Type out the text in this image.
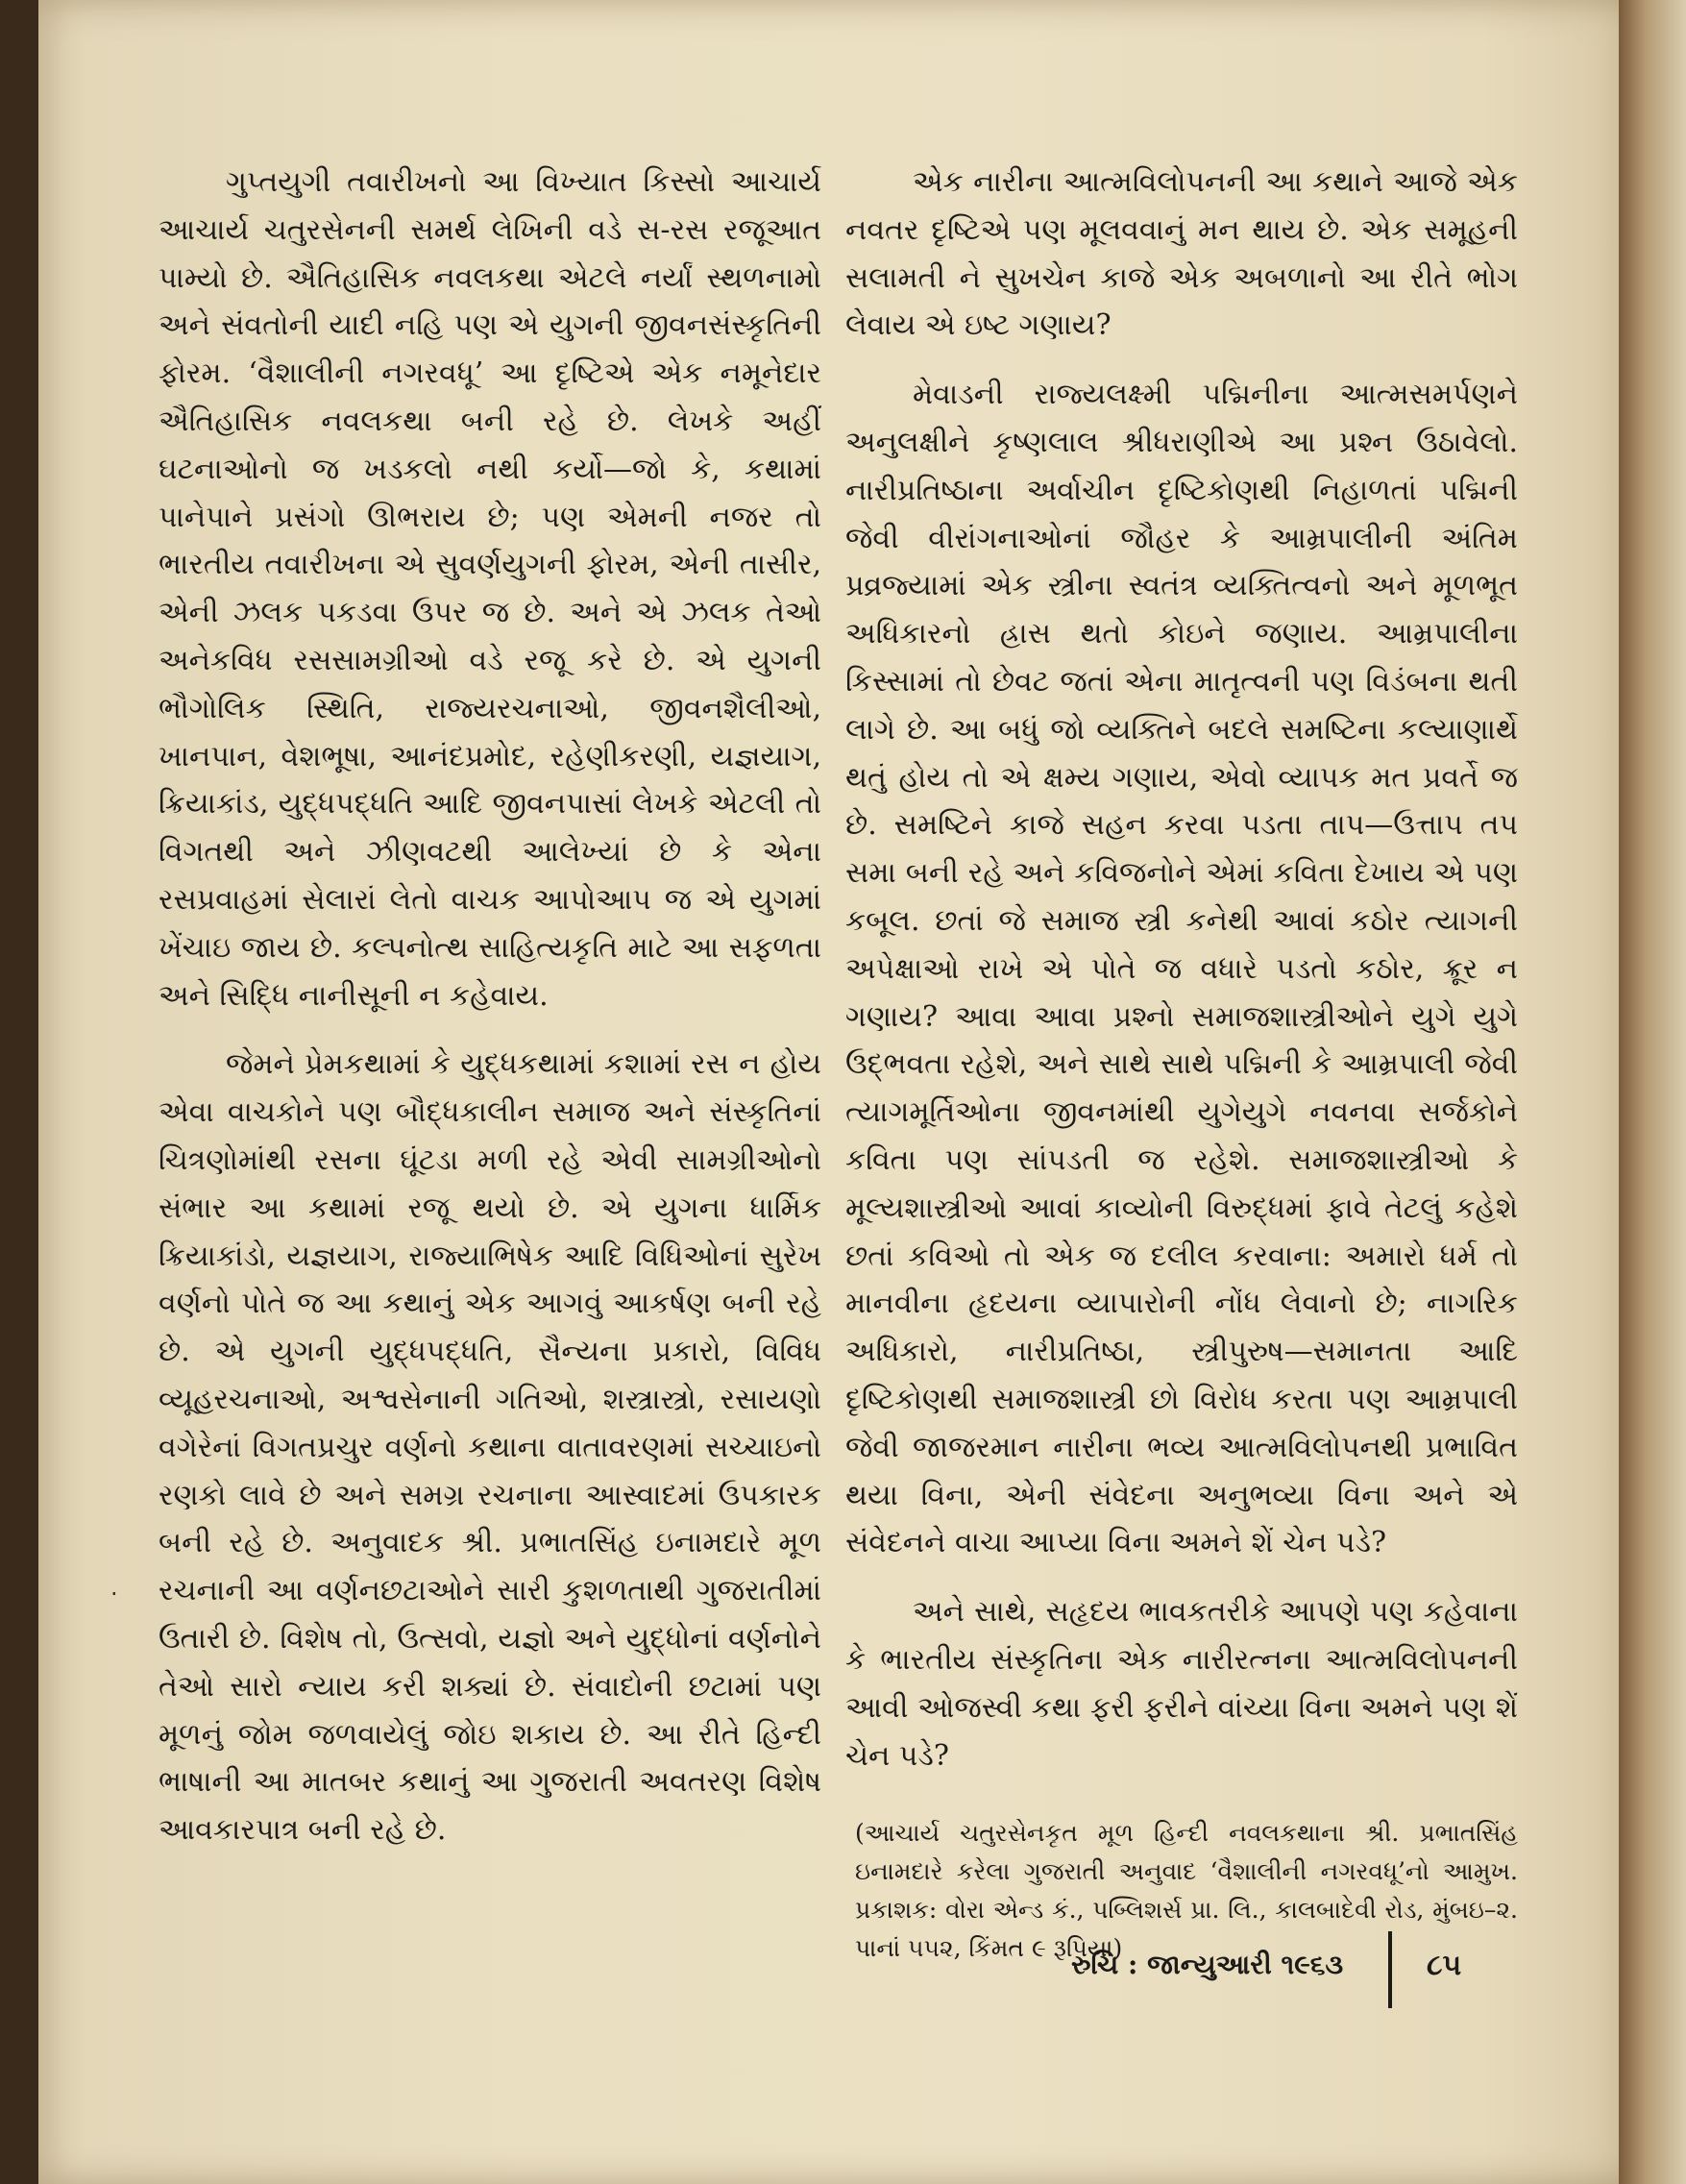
ગુપ્તયુગી તવારીખનો આ વિખ્યાત કિસ્સો આચાર્ય આચાર્ય ચતુરસેનની સમર્થ લેખિની વડે સ-રસ રજૂઆત પામ્યો છે. ઐતિહાસિક નવલકથા એટલે નર્યાં સ્થળનામો અને સંવતોની યાદી નહિ પણ એ યુગની જીવનસંસ્કૃતિની ફોરમ. ‘વૈશાલીની નગરવધૂ’ આ દૃષ્ટિએ એક નમૂનેદાર ઐતિહાસિક નવલકથા બની રહે છે. લેખકે અહીં ઘટનાઓનો જ ખડકલો નથી કર્યો—જો કે, કથામાં પાનેપાને પ્રસંગો ઊભરાય છે; પણ એમની નજર તો ભારતીય તવારીખના એ સુવર્ણયુગની ફોરમ, એની તાસીર, એની ઝલક પકડવા ઉપર જ છે. અને એ ઝલક તેઓ અનેકવિધ રસસામગ્રીઓ વડે રજૂ કરે છે. એ યુગની ભૌગોલિક સ્થિતિ, રાજ્યરચનાઓ, જીવનશૈલીઓ, ખાનપાન, વેશભૂષા, આનંદપ્રમોદ, રહેણીકરણી, યજ્ઞયાગ, ક્રિયાકાંડ, યુદ્ધપદ્ધતિ આદિ જીવનપાસાં લેખકે એટલી તો વિગતથી અને ઝીણવટથી આલેખ્યાં છે કે એના રસપ્રવાહમાં સેલારાં લેતો વાચક આપોઆપ જ એ યુગમાં ખેંચાઇ જાય છે. કલ્પનોત્થ સાહિત્યકૃતિ માટે આ સફળતા અને સિદ્ધિ નાનીસૂની ન કહેવાય.

જેમને પ્રેમકથામાં કે યુદ્ધકથામાં કશામાં રસ ન હોય એવા વાચકોને પણ બૌદ્ધકાલીન સમાજ અને સંસ્કૃતિનાં ચિત્રણોમાંથી રસના ઘૂંટડા મળી રહે એવી સામગ્રીઓનો સંભાર આ કથામાં રજૂ થયો છે. એ યુગના ધાર્મિક ક્રિયાકાંડો, યજ્ઞયાગ, રાજ્યાભિષેક આદિ વિધિઓનાં સુરેખ વર્ણનો પોતે જ આ કથાનું એક આગવું આકર્ષણ બની રહે છે. એ યુગની યુદ્ધપદ્ધતિ, સૈન્યના પ્રકારો, વિવિધ વ્યૂહરચનાઓ, અશ્વસેનાની ગતિઓ, શસ્ત્રાસ્ત્રો, રસાયણો વગેરેનાં વિગતપ્રચુર વર્ણનો કથાના વાતાવરણમાં સચ્ચાઇનો રણકો લાવે છે અને સમગ્ર રચનાના આસ્વાદમાં ઉપકારક બની રહે છે. અનુવાદક શ્રી. પ્રભાતસિંહ ઇનામદારે મૂળ રચનાની આ વર્ણનછટાઓને સારી કુશળતાથી ગુજરાતીમાં ઉતારી છે. વિશેષ તો, ઉત્સવો, યજ્ઞો અને યુદ્ધોનાં વર્ણનોને તેઓ સારો ન્યાય કરી શક્યાં છે. સંવાદોની છટામાં પણ મૂળનું જોમ જળવાયેલું જોઇ શકાય છે. આ રીતે હિન્દી ભાષાની આ માતબર કથાનું આ ગુજરાતી અવતરણ વિશેષ આવકારપાત્ર બની રહે છે.

એક નારીના આત્મવિલોપનની આ કથાને આજે એક નવતર દૃષ્ટિએ પણ મૂલવવાનું મન થાય છે. એક સમૂહની સલામતી ને સુખચેન કાજે એક અબળાનો આ રીતે ભોગ લેવાય એ ઇષ્ટ ગણાય?

મેવાડની રાજ્યલક્ષ્મી પદ્મિનીના આત્મસમર્પણને અનુલક્ષીને કૃષ્ણલાલ શ્રીધરાણીએ આ પ્રશ્ન ઉઠાવેલો. નારીપ્રતિષ્ઠાના અર્વાચીન દૃષ્ટિકોણથી નિહાળતાં પદ્મિની જેવી વીરાંગનાઓનાં જૌહર કે આમ્રપાલીની અંતિમ પ્રવ્રજ્યામાં એક સ્ત્રીના સ્વતંત્ર વ્યક્તિત્વનો અને મૂળભૂત અધિકારનો હ્રાસ થતો કોઇને જણાય. આમ્રપાલીના કિસ્સામાં તો છેવટ જતાં એના માતૃત્વની પણ વિડંબના થતી લાગે છે. આ બધું જો વ્યક્તિને બદલે સમષ્ટિના કલ્યાણાર્થે થતું હોય તો એ ક્ષમ્ય ગણાય, એવો વ્યાપક મત પ્રવર્તે જ છે. સમષ્ટિને કાજે સહન કરવા પડતા તાપ—ઉત્તાપ તપ સમા બની રહે અને કવિજનોને એમાં કવિતા દેખાય એ પણ કબૂલ. છતાં જે સમાજ સ્ત્રી કનેથી આવાં કઠોર ત્યાગની અપેક્ષાઓ રાખે એ પોતે જ વધારે પડતો કઠોર, ક્રૂર ન ગણાય? આવા આવા પ્રશ્નો સમાજશાસ્ત્રીઓને યુગે યુગે ઉદ્ભવતા રહેશે, અને સાથે સાથે પદ્મિની કે આમ્રપાલી જેવી ત્યાગમૂર્તિઓના જીવનમાંથી યુગેયુગે નવનવા સર્જકોને કવિતા પણ સાંપડતી જ રહેશે. સમાજશાસ્ત્રીઓ કે મૂલ્યશાસ્ત્રીઓ આવાં કાવ્યોની વિરુદ્ધમાં ફાવે તેટલું કહેશે છતાં કવિઓ તો એક જ દલીલ કરવાના: અમારો ધર્મ તો માનવીના હૃદયના વ્યાપારોની નોંધ લેવાનો છે; નાગરિક અધિકારો, નારીપ્રતિષ્ઠા, સ્ત્રીપુરુષ—સમાનતા આદિ દૃષ્ટિકોણથી સમાજશાસ્ત્રી છો વિરોધ કરતા પણ આમ્રપાલી જેવી જાજરમાન નારીના ભવ્ય આત્મવિલોપનથી પ્રભાવિત થયા વિના, એની સંવેદના અનુભવ્યા વિના અને એ સંવેદનને વાચા આપ્યા વિના અમને શેં ચેન પડે?

અને સાથે, સહૃદય ભાવકતરીકે આપણે પણ કહેવાના કે ભારતીય સંસ્કૃતિના એક નારીરત્નના આત્મવિલોપનની આવી ઓજસ્વી કથા ફરી ફરીને વાંચ્યા વિના અમને પણ શેં ચેન પડે?

(આચાર્ય ચતુરસેનકૃત મૂળ હિન્દી નવલકથાના શ્રી. પ્રભાતસિંહ ઇનામદારે કરેલા ગુજરાતી અનુવાદ ‘વૈશાલીની નગરવધૂ’નો આમુખ. પ્રકાશક: વોરા એન્ડ કં., પબ્લિશર્સ પ્રા. લિ., કાલબાદેવી રોડ, મુંબઇ–૨. પાનાં ૫૫૨, કિંમત ૯ રૂપિયા)

રુચિ : જાન્યુઆરી ૧૯૬૩	૮૫
·
